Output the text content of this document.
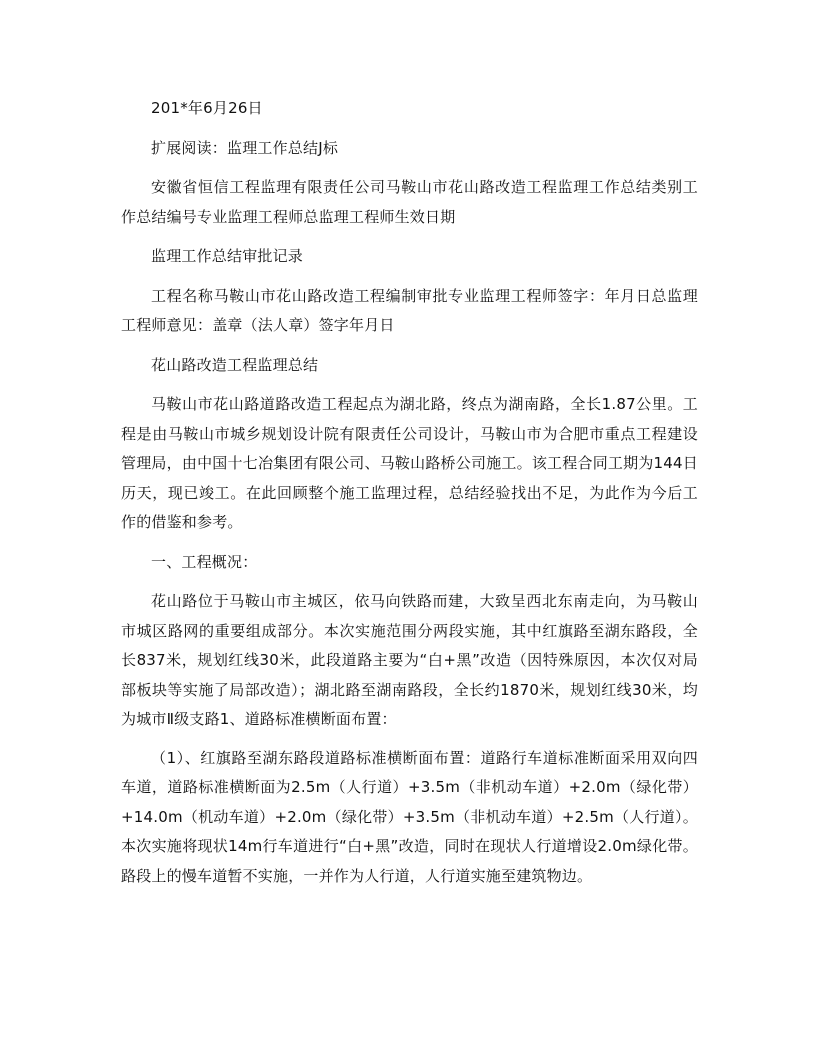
201*年6月26日

扩展阅读：监理工作总结J标

安徽省恒信工程监理有限责任公司马鞍山市花山路改造工程监理工作总结类别工作总结编号专业监理工程师总监理工程师生效日期

监理工作总结审批记录

工程名称马鞍山市花山路改造工程编制审批专业监理工程师签字：年月日总监理工程师意见：盖章（法人章）签字年月日

花山路改造工程监理总结

马鞍山市花山路道路改造工程起点为湖北路，终点为湖南路，全长1.87公里。工程是由马鞍山市城乡规划设计院有限责任公司设计，马鞍山市为合肥市重点工程建设管理局，由中国十七冶集团有限公司、马鞍山路桥公司施工。该工程合同工期为144日历天，现已竣工。在此回顾整个施工监理过程，总结经验找出不足，为此作为今后工作的借鉴和参考。

一、工程概况：

花山路位于马鞍山市主城区，依马向铁路而建，大致呈西北东南走向，为马鞍山市城区路网的重要组成部分。本次实施范围分两段实施，其中红旗路至湖东路段，全长837米，规划红线30米，此段道路主要为“白+黑”改造（因特殊原因，本次仅对局部板块等实施了局部改造）；湖北路至湖南路段，全长约1870米，规划红线30米，均为城市Ⅱ级支路1、道路标准横断面布置：

（1）、红旗路至湖东路段道路标准横断面布置：道路行车道标准断面采用双向四车道，道路标准横断面为2.5m（人行道）+3.5m（非机动车道）+2.0m（绿化带）+14.0m（机动车道）+2.0m（绿化带）+3.5m（非机动车道）+2.5m（人行道）。本次实施将现状14m行车道进行“白+黑”改造，同时在现状人行道增设2.0m绿化带。路段上的慢车道暂不实施，一并作为人行道，人行道实施至建筑物边。
